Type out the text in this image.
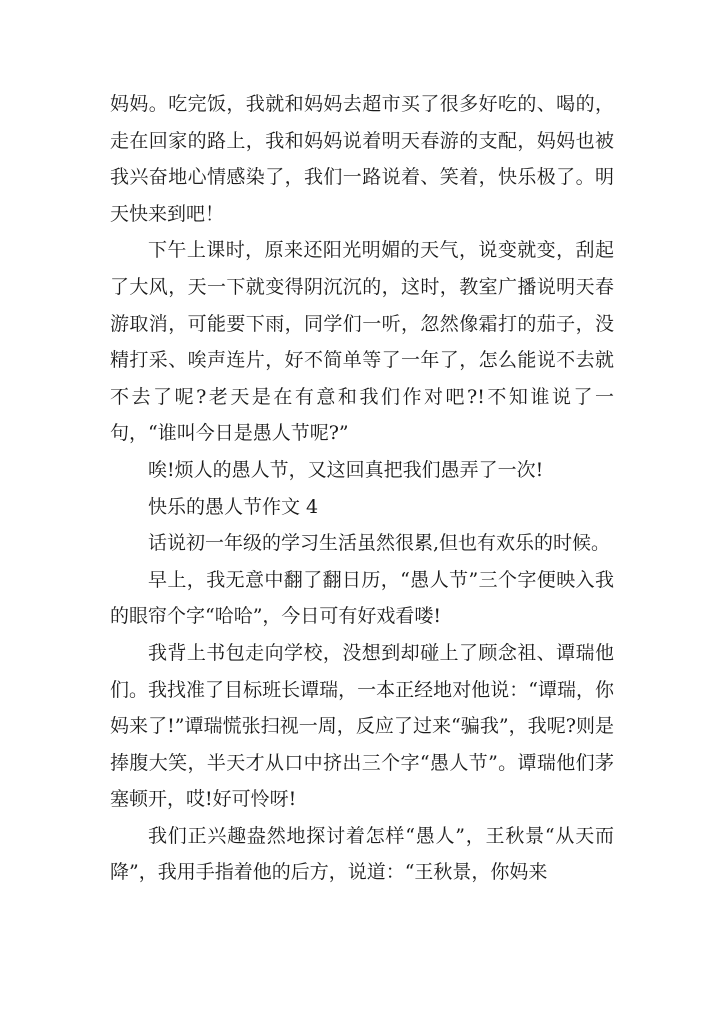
妈妈。吃完饭，我就和妈妈去超市买了很多好吃的、喝的，走在回家的路上，我和妈妈说着明天春游的支配，妈妈也被我兴奋地心情感染了，我们一路说着、笑着，快乐极了。明天快来到吧！

下午上课时，原来还阳光明媚的天气，说变就变，刮起了大风，天一下就变得阴沉沉的，这时，教室广播说明天春游取消，可能要下雨，同学们一听，忽然像霜打的茄子，没精打采、唉声连片，好不简单等了一年了，怎么能说不去就不去了呢?老天是在有意和我们作对吧?!不知谁说了一句，“谁叫今日是愚人节呢?”

唉!烦人的愚人节，又这回真把我们愚弄了一次!

快乐的愚人节作文 4

话说初一年级的学习生活虽然很累,但也有欢乐的时候。

早上，我无意中翻了翻日历，“愚人节”三个字便映入我的眼帘个字“哈哈”，今日可有好戏看喽!

我背上书包走向学校，没想到却碰上了顾念祖、谭瑞他们。我找准了目标班长谭瑞，一本正经地对他说：“谭瑞，你妈来了!”谭瑞慌张扫视一周，反应了过来“骗我”，我呢?则是捧腹大笑，半天才从口中挤出三个字“愚人节”。谭瑞他们茅塞顿开，哎!好可怜呀!

我们正兴趣盎然地探讨着怎样“愚人”，王秋景“从天而降”，我用手指着他的后方，说道：“王秋景，你妈来
